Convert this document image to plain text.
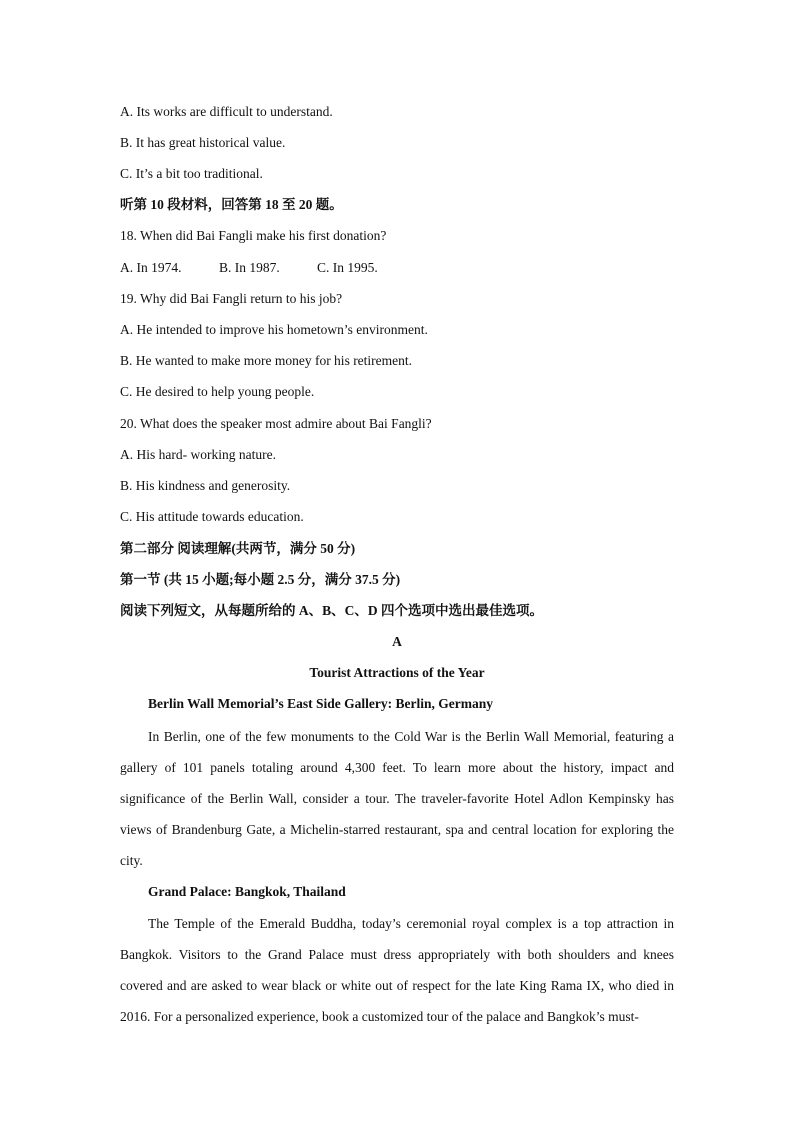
A. Its works are difficult to understand.
B. It has great historical value.
C. It’s a bit too traditional.
听第 10 段材料，回答第 18 至 20 题。
18. When did Bai Fangli make his first donation?
A. In 1974.	B. In 1987.	C. In 1995.
19. Why did Bai Fangli return to his job?
A. He intended to improve his hometown’s environment.
B. He wanted to make more money for his retirement.
C. He desired to help young people.
20. What does the speaker most admire about Bai Fangli?
A. His hard- working nature.
B. His kindness and generosity.
C. His attitude towards education.
第二部分 阅读理解(共两节，满分 50 分)
第一节 (共 15 小题;每小题 2.5 分，满分 37.5 分)
阅读下列短文，从每题所给的 A、B、C、D 四个选项中选出最佳选项。
A
Tourist Attractions of the Year
Berlin Wall Memorial’s East Side Gallery: Berlin, Germany
In Berlin, one of the few monuments to the Cold War is the Berlin Wall Memorial, featuring a gallery of 101 panels totaling around 4,300 feet. To learn more about the history, impact and significance of the Berlin Wall, consider a tour. The traveler-favorite Hotel Adlon Kempinsky has views of Brandenburg Gate, a Michelin-starred restaurant, spa and central location for exploring the city.
Grand Palace: Bangkok, Thailand
The Temple of the Emerald Buddha, today’s ceremonial royal complex is a top attraction in Bangkok. Visitors to the Grand Palace must dress appropriately with both shoulders and knees covered and are asked to wear black or white out of respect for the late King Rama IX, who died in 2016. For a personalized experience, book a customized tour of the palace and Bangkok’s must-
